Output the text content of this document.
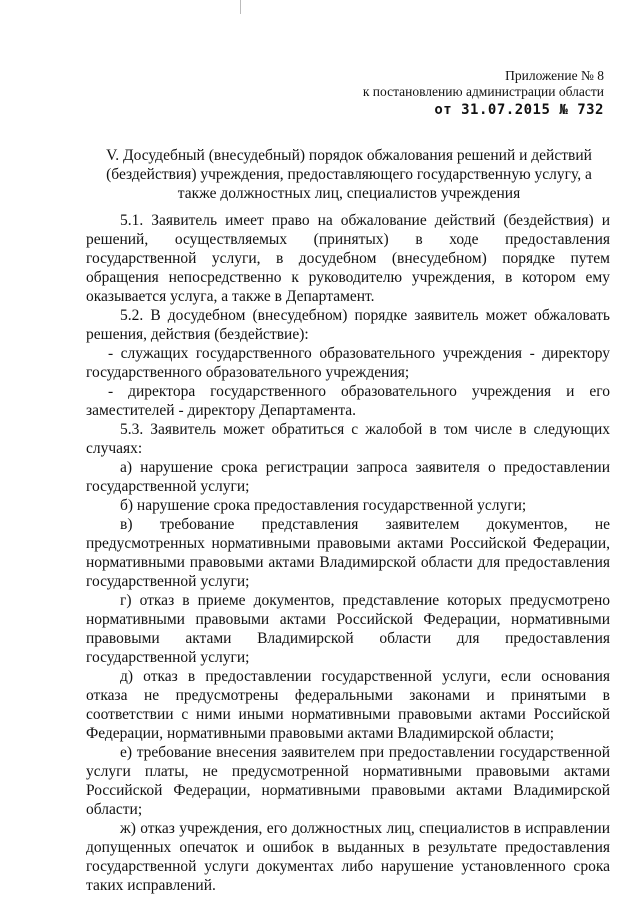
Приложение № 8
к постановлению администрации области
от 31.07.2015 № 732
V. Досудебный (внесудебный) порядок обжалования решений и действий (бездействия) учреждения, предоставляющего государственную услугу, а также должностных лиц, специалистов учреждения

5.1. Заявитель имеет право на обжалование действий (бездействия) и решений, осуществляемых (принятых) в ходе предоставления государственной услуги, в досудебном (внесудебном) порядке путем обращения непосредственно к руководителю учреждения, в котором ему оказывается услуга, а также в Департамент.

5.2. В досудебном (внесудебном) порядке заявитель может обжаловать решения, действия (бездействие):

- служащих государственного образовательного учреждения - директору государственного образовательного учреждения;

- директора государственного образовательного учреждения и его заместителей - директору Департамента.

5.3. Заявитель может обратиться с жалобой в том числе в следующих случаях:

а) нарушение срока регистрации запроса заявителя о предоставлении государственной услуги;

б) нарушение срока предоставления государственной услуги;

в) требование представления заявителем документов, не предусмотренных нормативными правовыми актами Российской Федерации, нормативными правовыми актами Владимирской области для предоставления государственной услуги;

г) отказ в приеме документов, представление которых предусмотрено нормативными правовыми актами Российской Федерации, нормативными правовыми актами Владимирской области для предоставления государственной услуги;

д) отказ в предоставлении государственной услуги, если основания отказа не предусмотрены федеральными законами и принятыми в соответствии с ними иными нормативными правовыми актами Российской Федерации, нормативными правовыми актами Владимирской области;

е) требование внесения заявителем при предоставлении государственной услуги платы, не предусмотренной нормативными правовыми актами Российской Федерации, нормативными правовыми актами Владимирской области;

ж) отказ учреждения, его должностных лиц, специалистов в исправлении допущенных опечаток и ошибок в выданных в результате предоставления государственной услуги документах либо нарушение установленного срока таких исправлений.
